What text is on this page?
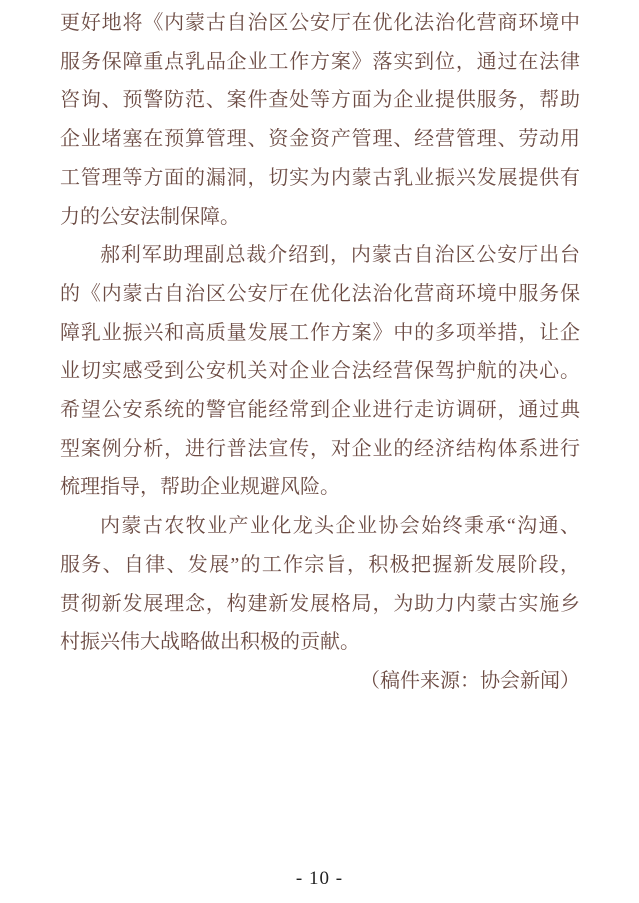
更好地将《内蒙古自治区公安厅在优化法治化营商环境中
服务保障重点乳品企业工作方案》落实到位，通过在法律
咨询、预警防范、案件查处等方面为企业提供服务，帮助
企业堵塞在预算管理、资金资产管理、经营管理、劳动用
工管理等方面的漏洞，切实为内蒙古乳业振兴发展提供有
力的公安法制保障。
郝利军助理副总裁介绍到，内蒙古自治区公安厅出台
的《内蒙古自治区公安厅在优化法治化营商环境中服务保
障乳业振兴和高质量发展工作方案》中的多项举措，让企
业切实感受到公安机关对企业合法经营保驾护航的决心。
希望公安系统的警官能经常到企业进行走访调研，通过典
型案例分析，进行普法宣传，对企业的经济结构体系进行
梳理指导，帮助企业规避风险。
内蒙古农牧业产业化龙头企业协会始终秉承“沟通、
服务、自律、发展”的工作宗旨，积极把握新发展阶段，
贯彻新发展理念，构建新发展格局，为助力内蒙古实施乡
村振兴伟大战略做出积极的贡献。
（稿件来源：协会新闻）
- 10 -
